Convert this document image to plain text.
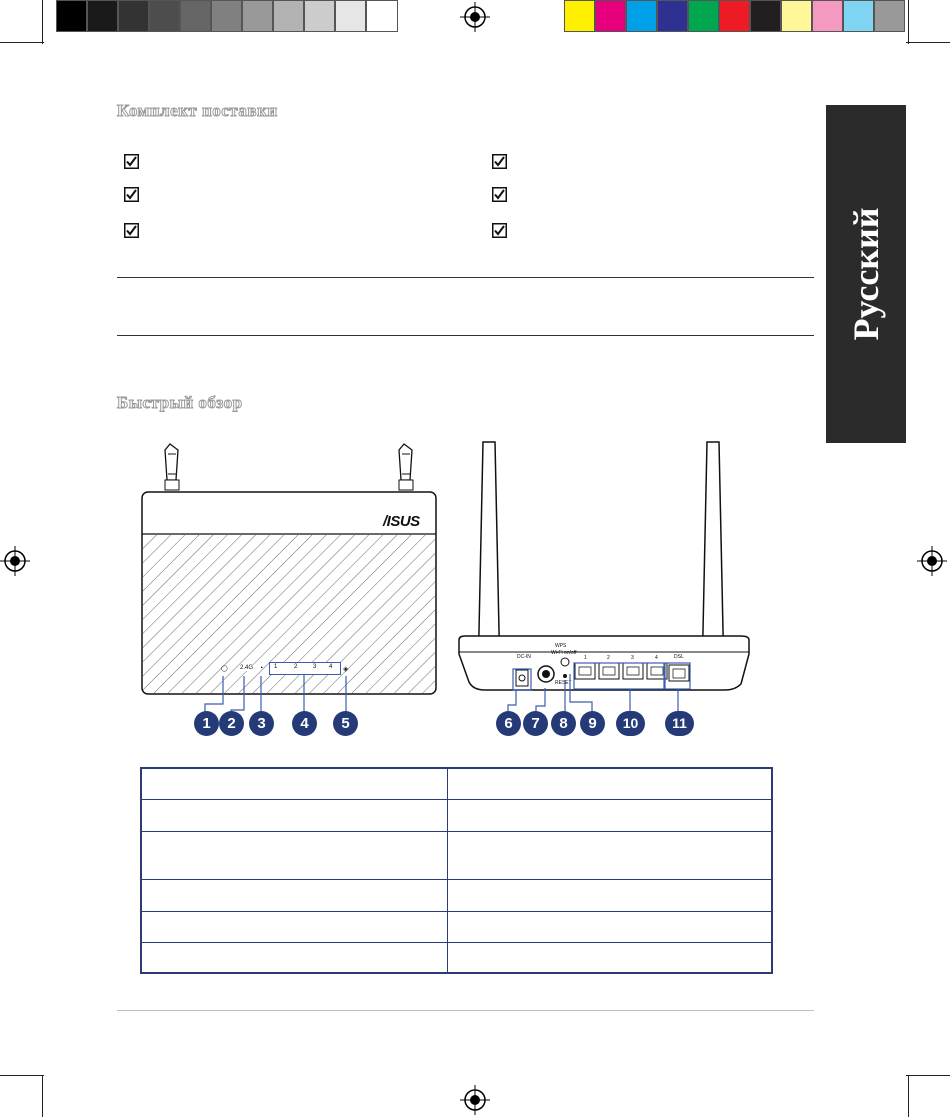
Комплект поставки
Русский
Быстрый обзор
/ISUS
◯ 2.4G ◔ 1	2	3 4 ◈
DC-IN
WPS
Wi-Fi on/off
RESET
DSL
1	2	3	4
1	2	3	4	5	6	7	8	9	10	11
